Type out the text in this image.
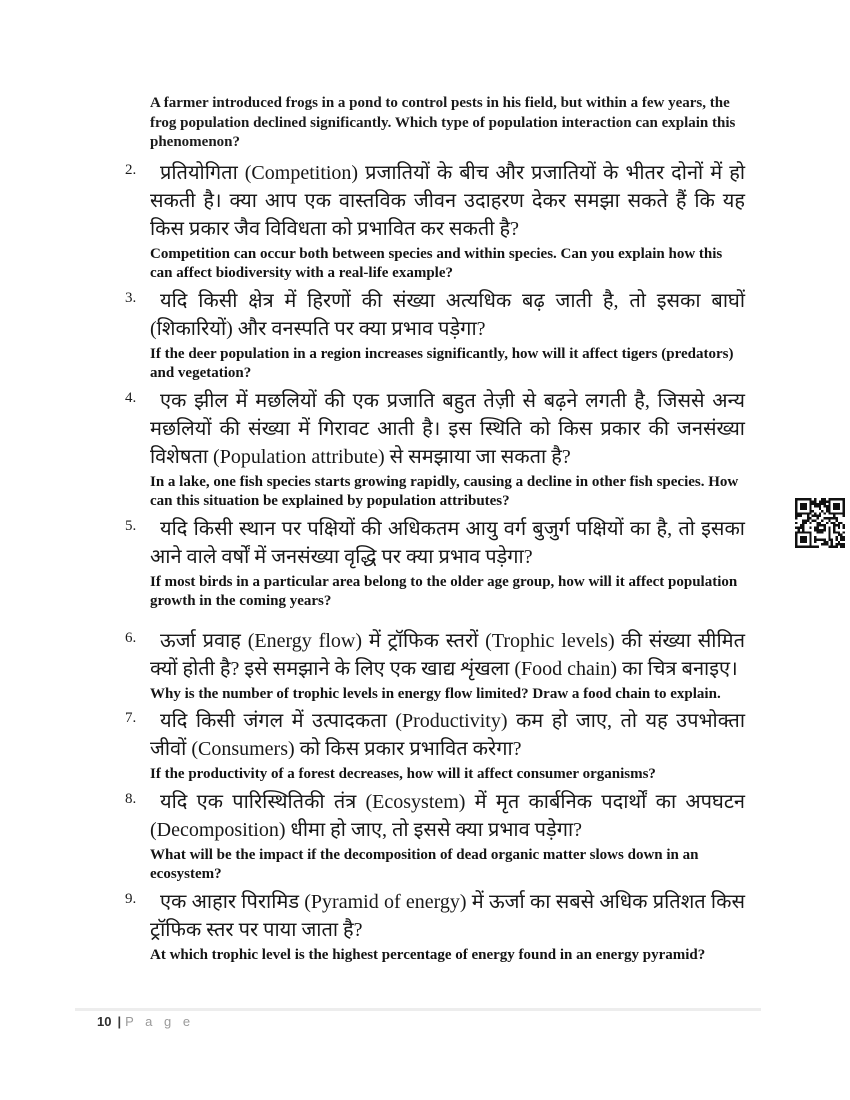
A farmer introduced frogs in a pond to control pests in his field, but within a few years, the frog population declined significantly. Which type of population interaction can explain this phenomenon?
2.	प्रतियोगिता (Competition) प्रजातियों के बीच और प्रजातियों के भीतर दोनों में हो सकती है। क्या आप एक वास्तविक जीवन उदाहरण देकर समझा सकते हैं कि यह किस प्रकार जैव विविधता को प्रभावित कर सकती है?
Competition can occur both between species and within species. Can you explain how this can affect biodiversity with a real-life example?
3.	यदि किसी क्षेत्र में हिरणों की संख्या अत्यधिक बढ़ जाती है, तो इसका बाघों (शिकारियों) और वनस्पति पर क्या प्रभाव पड़ेगा?
If the deer population in a region increases significantly, how will it affect tigers (predators) and vegetation?
4.	एक झील में मछलियों की एक प्रजाति बहुत तेज़ी से बढ़ने लगती है, जिससे अन्य मछलियों की संख्या में गिरावट आती है। इस स्थिति को किस प्रकार की जनसंख्या विशेषता (Population attribute) से समझाया जा सकता है?
In a lake, one fish species starts growing rapidly, causing a decline in other fish species. How can this situation be explained by population attributes?
5.	यदि किसी स्थान पर पक्षियों की अधिकतम आयु वर्ग बुजुर्ग पक्षियों का है, तो इसका आने वाले वर्षों में जनसंख्या वृद्धि पर क्या प्रभाव पड़ेगा?
If most birds in a particular area belong to the older age group, how will it affect population growth in the coming years?
6.	ऊर्जा प्रवाह (Energy flow) में ट्रॉफिक स्तरों (Trophic levels) की संख्या सीमित क्यों होती है? इसे समझाने के लिए एक खाद्य शृंखला (Food chain) का चित्र बनाइए।
Why is the number of trophic levels in energy flow limited? Draw a food chain to explain.
7.	यदि किसी जंगल में उत्पादकता (Productivity) कम हो जाए, तो यह उपभोक्ता जीवों (Consumers) को किस प्रकार प्रभावित करेगा?
If the productivity of a forest decreases, how will it affect consumer organisms?
8.	यदि एक पारिस्थितिकी तंत्र (Ecosystem) में मृत कार्बनिक पदार्थों का अपघटन (Decomposition) धीमा हो जाए, तो इससे क्या प्रभाव पड़ेगा?
What will be the impact if the decomposition of dead organic matter slows down in an ecosystem?
9.	एक आहार पिरामिड (Pyramid of energy) में ऊर्जा का सबसे अधिक प्रतिशत किस ट्रॉफिक स्तर पर पाया जाता है?
At which trophic level is the highest percentage of energy found in an energy pyramid?
10 | P a g e
